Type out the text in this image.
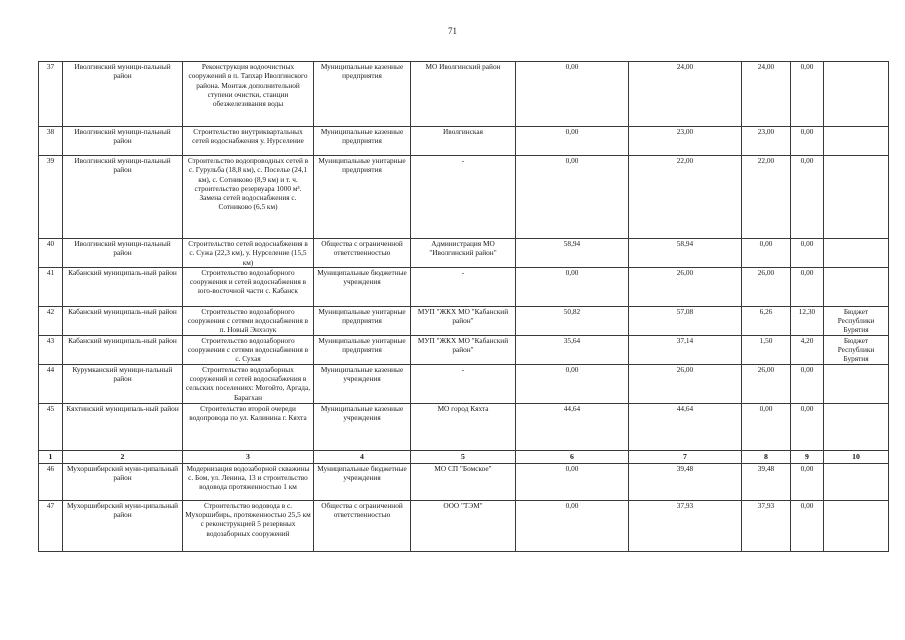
71
37	Иволгинский муници-пальный район	Реконструкция водоочистных сооружений в п. Тапхар Иволгинского района. Монтаж дополнительной ступени очистки, станции обезжелезивания воды	Муниципальные казенные предприятия	МО Иволгинский район	0,00	24,00	24,00	0,00	
38	Иволгинский муници-пальный район	Строительство внутриквартальных сетей водоснабжения у. Нурселение	Муниципальные казенные предприятия	Иволгинская	0,00	23,00	23,00	0,00	
39	Иволгинский муници-пальный район	Строительство водопроводных сетей в с. Гурульба (18,8 км), с. Поселье (24,1 км), с. Сотниково (8,9 км) и т. ч. строительство резервуара 1000 м³. Замена сетей водоснабжения с. Сотниково (6,5 км)	Муниципальные унитарные предприятия	-	0,00	22,00	22,00	0,00	
40	Иволгинский муници-пальный район	Строительство сетей водоснабжения в с. Сужа (22,3 км), у. Нурселение (15,5 км)	Общества с ограниченной ответственностью	Администрация МО "Иволгинский район"	58,94	58,94	0,00	0,00	
41	Кабанский муниципаль-ный район	Строительство водозаборного сооружения и сетей водоснабжения в юго-восточной части с. Кабанск	Муниципальные бюджетные учреждения	-	0,00	26,00	26,00	0,00	
42	Кабанский муниципаль-ный район	Строительство водозаборного сооружения с сетями водоснабжения в п. Новый Энхэлук	Муниципальные унитарные предприятия	МУП "ЖКХ МО "Кабанский район"	50,82	57,08	6,26	12,30	Бюджет Республики Бурятия
43	Кабанский муниципаль-ный район	Строительство водозаборного сооружения с сетями водоснабжения в с. Сухая	Муниципальные унитарные предприятия	МУП "ЖКХ МО "Кабанский район"	35,64	37,14	1,50	4,20	Бюджет Республики Бурятия
44	Курумканский муници-пальный район	Строительство водозаборных сооружений и сетей водоснабжения в сельских поселениях: Могойто, Аргада, Барагхан	Муниципальные казенные учреждения	-	0,00	26,00	26,00	0,00	
45	Кяхтинский муниципаль-ный район	Строительство второй очереди водопровода по ул. Калинина г. Кяхта	Муниципальные казенные учреждения	МО город Кяхта	44,64	44,64	0,00	0,00	
1	2	3	4	5	6	7	8	9	10
46	Мухоршибирский муни-ципальный район	Модернизация водозаборной скважины с. Бом, ул. Ленина, 13 и строительство водовода протяженностью 1 км	Муниципальные бюджетные учреждения	МО СП "Бомское"	0,00	39,48	39,48	0,00	
47	Мухоршибирский муни-ципальный район	Строительство водовода в с. Мухоршибирь, протяженностью 25,5 км с реконструкцией 5 резервных водозаборных сооружений	Общества с ограниченной ответственностью	ООО "ТЭМ"	0,00	37,93	37,93	0,00	
